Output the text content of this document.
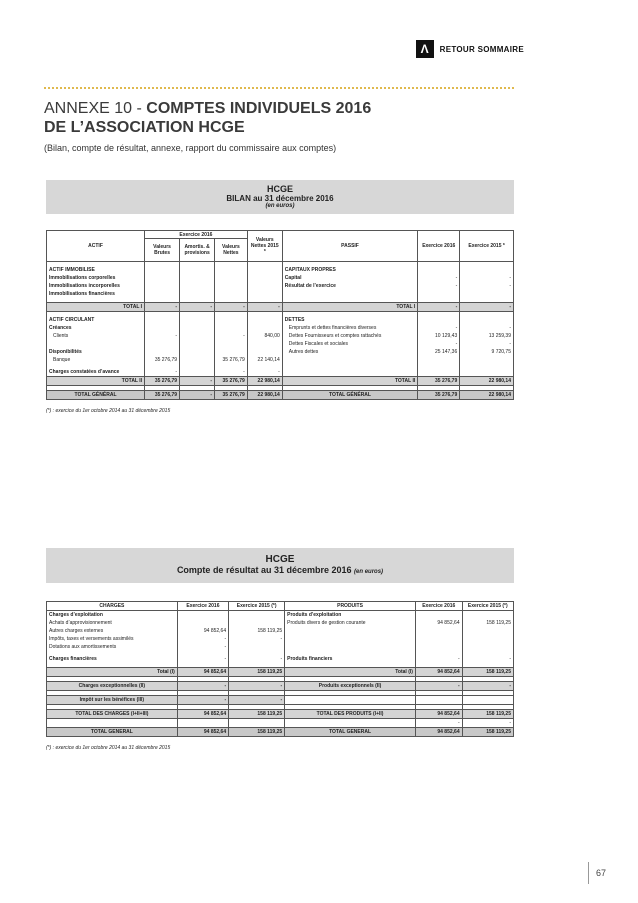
Λ	RETOUR SOMMAIRE
ANNEXE 10 - COMPTES INDIVIDUELS 2016
DE L’ASSOCIATION HCGE
(Bilan, compte de résultat, annexe, rapport du commissaire aux comptes)
HCGE
BILAN au 31 décembre 2016
(en euros)
ACTIF	Exercice 2016			Valeurs Nettes 2015 *	PASSIF	Exercice 2016	Exercice 2015 *
	Valeurs Brutes	Amortis. & provisions	Valeurs Nettes				

ACTIF IMMOBILISE					CAPITAUX PROPRES		
Immobilisations corporelles					Capital	-	-
Immobilisations incorporelles					Résultat de l’exercice	-	-
Immobilisations financières							

TOTAL I	-	-	-	-	TOTAL I	-	-

ACTIF CIRCULANT					DETTES		
Créances					Emprunts et dettes financières diverses	-	-
Clients	-		-	840,00	Dettes Fournisseurs et comptes rattachés	10 129,43	13 259,39
					Dettes Fiscales et sociales	-	-
Disponibilités					Autres dettes	25 147,36	9 720,75
Banque	35 276,79		35 276,79	22 140,14			

Charges constatées d’avance	-		-	-			
TOTAL II	35 276,79	-	35 276,79	22 980,14	TOTAL II	35 276,79	22 980,14

TOTAL GÉNÉRAL	35 276,79	-	35 276,79	22 980,14	TOTAL GÉNÉRAL	35 276,79	22 980,14
(*) : exercice du 1er octobre 2014 au 31 décembre 2015
HCGE
Compte de résultat au 31 décembre 2016 (en euros)
CHARGES	Exercice 2016	Exercice 2015 (*)	PRODUITS	Exercice 2016	Exercice 2015 (*)
Charges d’exploitation			Produits d’exploitation		
Achats d’approvisionnement			Produits divers de gestion courante	94 852,64	158 119,25
Autres charges externes	94 852,64	158 119,25			
Impôts, taxes et versements assimilés	-	-			
Dotations aux amortissements	-				

Charges financières	-	-	Produits financiers	-	-

Total (I)	94 852,64	158 119,25	Total (I)	94 852,64	158 119,25

Charges exceptionnelles (II)	-	-	Produits exceptionnels (II)	-	-

Impôt sur les bénéfices (III)	-	-			

TOTAL DES CHARGES (I+II+III)	94 852,64	158 119,25	TOTAL DES PRODUITS (I+II)	94 852,64	158 119,25
				-	-
TOTAL GENERAL	94 852,64	158 119,25	TOTAL GENERAL	94 852,64	158 119,25
(*) : exercice du 1er octobre 2014 au 31 décembre 2015
67
